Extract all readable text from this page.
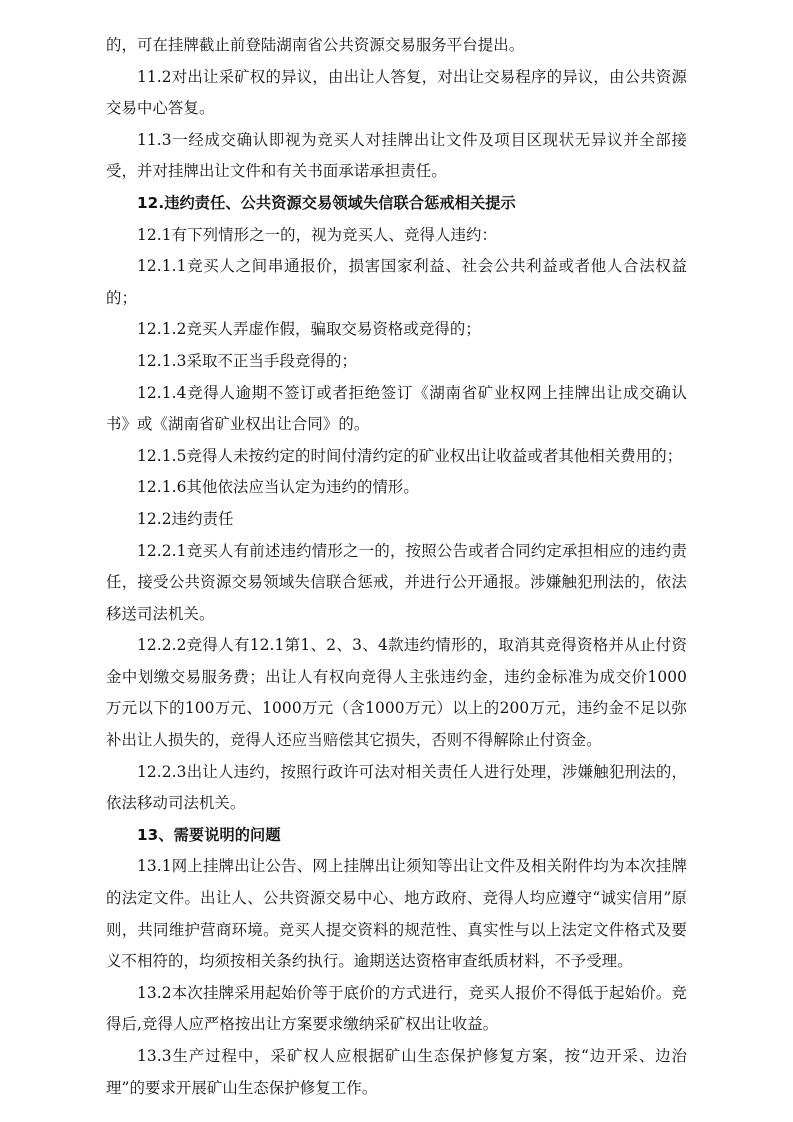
的，可在挂牌截止前登陆湖南省公共资源交易服务平台提出。

11.2对出让采矿权的异议，由出让人答复，对出让交易程序的异议，由公共资源交易中心答复。

11.3一经成交确认即视为竞买人对挂牌出让文件及项目区现状无异议并全部接受，并对挂牌出让文件和有关书面承诺承担责任。

12.违约责任、公共资源交易领域失信联合惩戒相关提示

12.1有下列情形之一的，视为竞买人、竞得人违约：

12.1.1竞买人之间串通报价，损害国家利益、社会公共利益或者他人合法权益的；

12.1.2竞买人弄虚作假，骗取交易资格或竞得的；

12.1.3采取不正当手段竞得的；

12.1.4竞得人逾期不签订或者拒绝签订《湖南省矿业权网上挂牌出让成交确认书》或《湖南省矿业权出让合同》的。

12.1.5竞得人未按约定的时间付清约定的矿业权出让收益或者其他相关费用的；

12.1.6其他依法应当认定为违约的情形。

12.2违约责任

12.2.1竞买人有前述违约情形之一的，按照公告或者合同约定承担相应的违约责任，接受公共资源交易领域失信联合惩戒，并进行公开通报。涉嫌触犯刑法的，依法移送司法机关。

12.2.2竞得人有12.1第1、2、3、4款违约情形的，取消其竞得资格并从止付资金中划缴交易服务费；出让人有权向竞得人主张违约金，违约金标准为成交价1000万元以下的100万元、1000万元（含1000万元）以上的200万元，违约金不足以弥补出让人损失的，竞得人还应当赔偿其它损失，否则不得解除止付资金。

12.2.3出让人违约，按照行政许可法对相关责任人进行处理，涉嫌触犯刑法的，依法移动司法机关。

13、需要说明的问题

13.1网上挂牌出让公告、网上挂牌出让须知等出让文件及相关附件均为本次挂牌的法定文件。出让人、公共资源交易中心、地方政府、竞得人均应遵守“诚实信用”原则，共同维护营商环境。竞买人提交资料的规范性、真实性与以上法定文件格式及要义不相符的，均须按相关条约执行。逾期送达资格审查纸质材料，不予受理。

13.2本次挂牌采用起始价等于底价的方式进行，竞买人报价不得低于起始价。竞得后,竞得人应严格按出让方案要求缴纳采矿权出让收益。

13.3生产过程中，采矿权人应根据矿山生态保护修复方案，按“边开采、边治理”的要求开展矿山生态保护修复工作。
